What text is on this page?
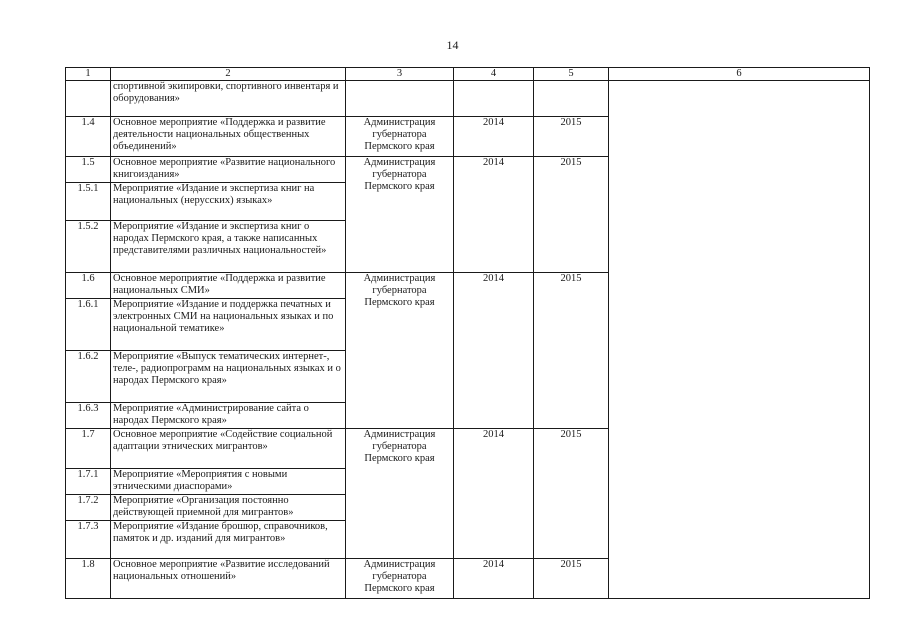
14
1	2	3	4	5	6
	спортивной экипировки, спортивного инвентаря и оборудования»				
1.4	Основное мероприятие «Поддержка и развитие деятельности национальных общественных объединений»	Администрация губернатора Пермского края	2014	2015	
1.5	Основное мероприятие «Развитие национального книгоиздания»	Администрация губернатора Пермского края	2014	2015	
1.5.1	Мероприятие «Издание и экспертиза книг на национальных (нерусских) языках»				
1.5.2	Мероприятие «Издание и экспертиза книг о народах Пермского края, а также написанных представителями различных национальностей»				
1.6	Основное мероприятие «Поддержка и развитие национальных СМИ»	Администрация губернатора Пермского края	2014	2015	
1.6.1	Мероприятие «Издание и поддержка печатных и электронных СМИ на национальных языках и по национальной тематике»				
1.6.2	Мероприятие «Выпуск тематических интернет-, теле-, радиопрограмм на национальных языках и о народах Пермского края»				
1.6.3	Мероприятие «Администрирование сайта о народах Пермского края»				
1.7	Основное мероприятие «Содействие социальной адаптации этнических мигрантов»	Администрация губернатора Пермского края	2014	2015	
1.7.1	Мероприятие «Мероприятия с новыми этническими диаспорами»				
1.7.2	Мероприятие «Организация постоянно действующей приемной для мигрантов»				
1.7.3	Мероприятие «Издание брошюр, справочников, памяток и др. изданий для мигрантов»				
1.8	Основное мероприятие «Развитие исследований национальных отношений»	Администрация губернатора Пермского края	2014	2015	
